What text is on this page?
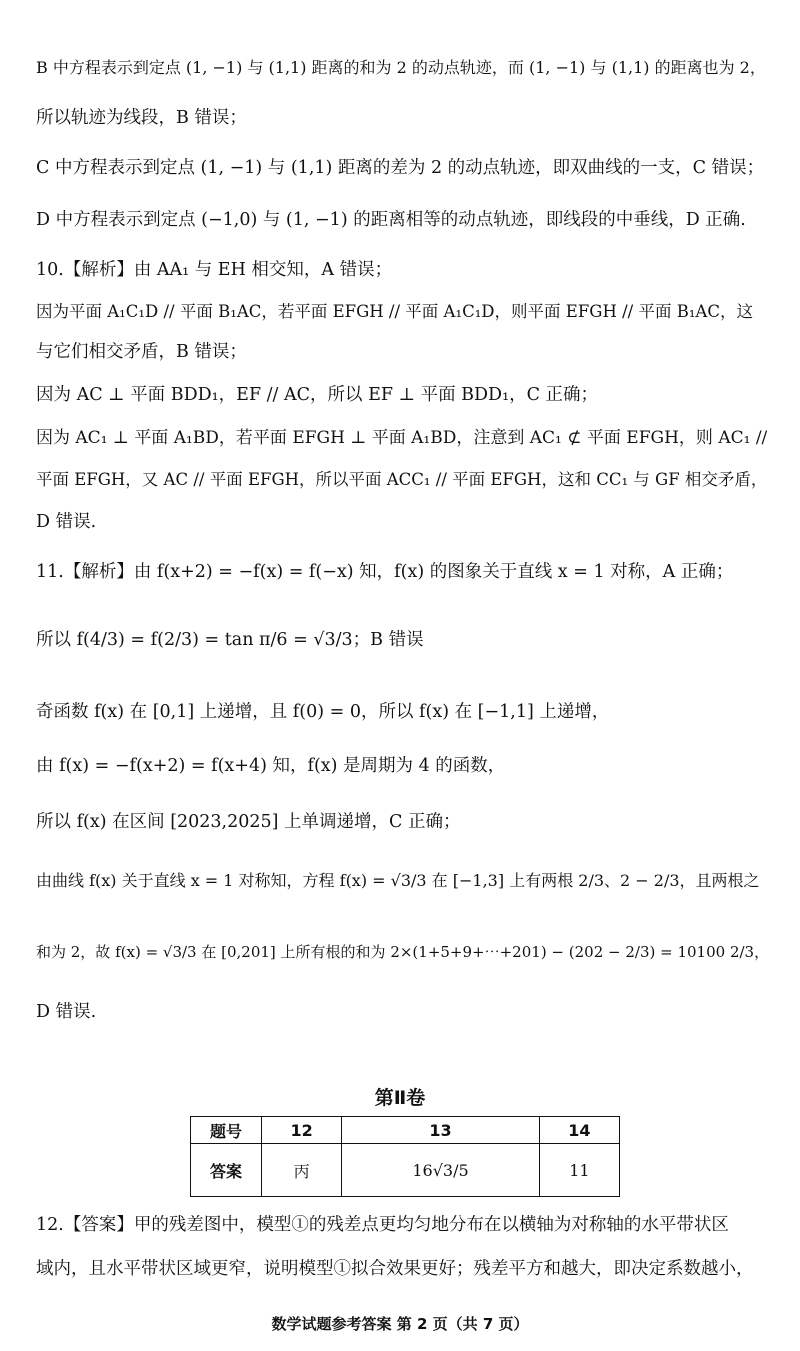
B 中方程表示到定点 (1, −1) 与 (1,1) 距离的和为 2 的动点轨迹，而 (1, −1) 与 (1,1) 的距离也为 2，
所以轨迹为线段，B 错误；
C 中方程表示到定点 (1, −1) 与 (1,1) 距离的差为 2 的动点轨迹，即双曲线的一支，C 错误；
D 中方程表示到定点 (−1,0) 与 (1, −1) 的距离相等的动点轨迹，即线段的中垂线，D 正确.
10.【解析】由 AA₁ 与 EH 相交知，A 错误；
因为平面 A₁C₁D // 平面 B₁AC，若平面 EFGH // 平面 A₁C₁D，则平面 EFGH // 平面 B₁AC，这
与它们相交矛盾，B 错误；
因为 AC ⊥ 平面 BDD₁，EF // AC，所以 EF ⊥ 平面 BDD₁，C 正确；
因为 AC₁ ⊥ 平面 A₁BD，若平面 EFGH ⊥ 平面 A₁BD，注意到 AC₁ ⊄ 平面 EFGH，则 AC₁ //
平面 EFGH，又 AC // 平面 EFGH，所以平面 ACC₁ // 平面 EFGH，这和 CC₁ 与 GF 相交矛盾，
D 错误.
11.【解析】由 f(x+2) = −f(x) = f(−x) 知，f(x) 的图象关于直线 x = 1 对称，A 正确；
所以 f(4/3) = f(2/3) = tan π/6 = √3/3；B 错误
奇函数 f(x) 在 [0,1] 上递增，且 f(0) = 0，所以 f(x) 在 [−1,1] 上递增，
由 f(x) = −f(x+2) = f(x+4) 知，f(x) 是周期为 4 的函数，
所以 f(x) 在区间 [2023,2025] 上单调递增，C 正确；
由曲线 f(x) 关于直线 x = 1 对称知，方程 f(x) = √3/3 在 [−1,3] 上有两根 2/3、2 − 2/3，且两根之
和为 2，故 f(x) = √3/3 在 [0,201] 上所有根的和为 2×(1+5+9+⋯+201) − (202 − 2/3) = 10100 2/3，
D 错误.
第Ⅱ卷
题号	12	13	14
答案	丙	16√3/5	11
12.【答案】甲的残差图中，模型①的残差点更均匀地分布在以横轴为对称轴的水平带状区
域内，且水平带状区域更窄，说明模型①拟合效果更好；残差平方和越大，即决定系数越小，
数学试题参考答案 第 2 页（共 7 页）
